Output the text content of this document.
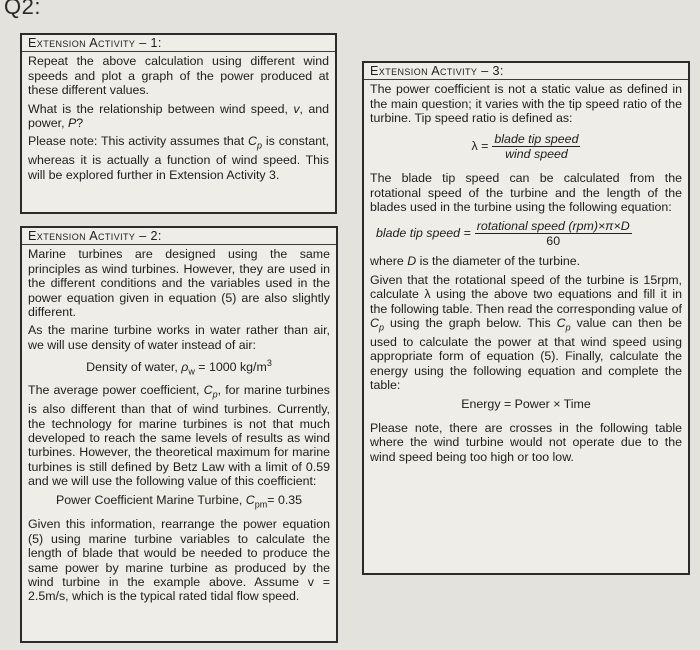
Q2:
Extension Activity – 1:
Repeat the above calculation using different wind speeds and plot a graph of the power produced at these different values.
What is the relationship between wind speed, v, and power, P?
Please note: This activity assumes that $C_p$ is constant, whereas it is actually a function of wind speed. This will be explored further in Extension Activity 3.
Extension Activity – 2:
Marine turbines are designed using the same principles as wind turbines. However, they are used in the different conditions and the variables used in the power equation given in equation (5) are also slightly different.
As the marine turbine works in water rather than air, we will use density of water instead of air:
Density of water, $\rho_w = 1000$ $kg/m^3$
The average power coefficient, $C_p$, for marine turbines is also different than that of wind turbines. Currently, the technology for marine turbines is not that much developed to reach the same levels of results as wind turbines. However, the theoretical maximum for marine turbines is still defined by Betz Law with a limit of 0.59 and we will use the following value of this coefficient:
Power Coefficient Marine Turbine, $C_{pm}= 0.35$
Given this information, rearrange the power equation (5) using marine turbine variables to calculate the length of blade that would be needed to produce the same power by marine turbine as produced by the wind turbine in the example above. Assume v = 2.5m/s, which is the typical rated tidal flow speed.
Extension Activity – 3:
The power coefficient is not a static value as defined in the main question; it varies with the tip speed ratio of the turbine. Tip speed ratio is defined as:
$\lambda = \frac{\text{blade tip speed}}{\text{wind speed}}$
The blade tip speed can be calculated from the rotational speed of the turbine and the length of the blades used in the turbine using the following equation:
blade tip speed = $\frac{\text{rotational speed (rpm)×π×D}}{60}$
where D is the diameter of the turbine.
Given that the rotational speed of the turbine is 15rpm, calculate λ using the above two equations and fill it in the following table. Then read the corresponding value of $C_p$ using the graph below. This $C_p$ value can then be used to calculate the power at that wind speed using appropriate form of equation (5). Finally, calculate the energy using the following equation and complete the table:
Energy = Power × Time
Please note, there are crosses in the following table where the wind turbine would not operate due to the wind speed being too high or too low.
